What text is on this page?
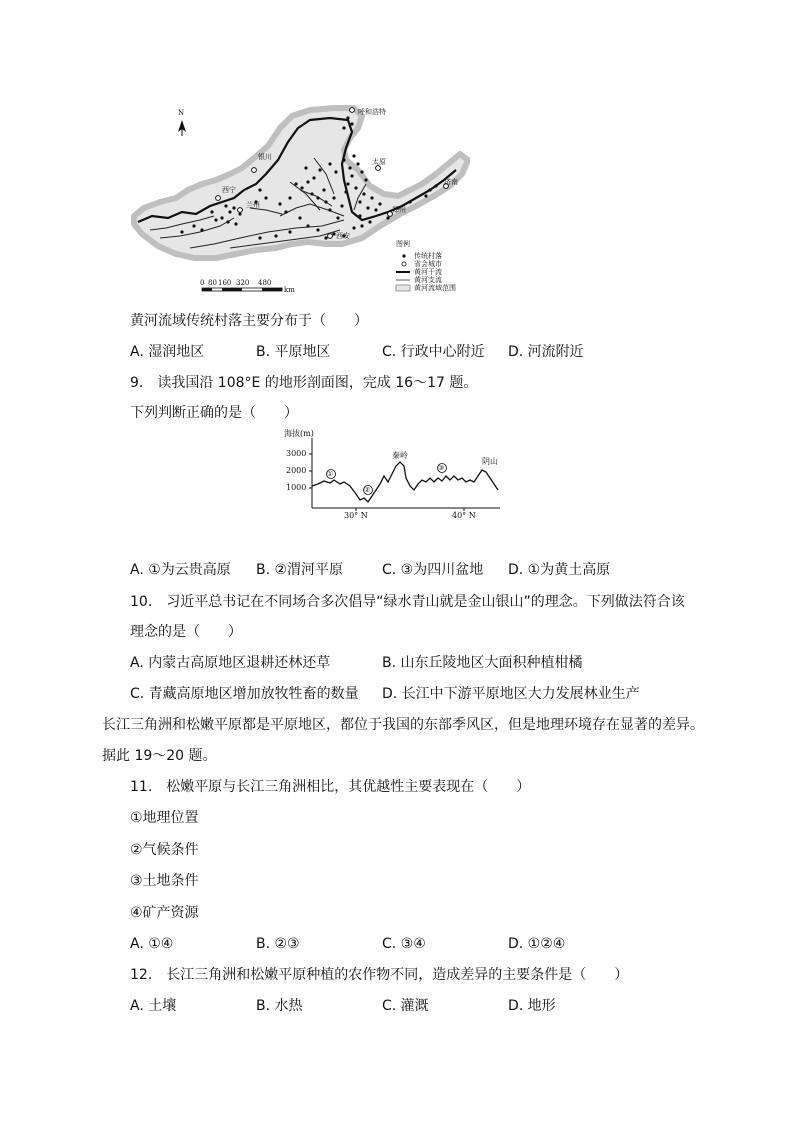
N	呼和浩特
银川
太原
济南
西宁
兰州
西安
郑州
图例
传统村落
省会城市
黄河干流
黄河支流
黄河流域范围
0 80 160 320 480
km
黄河流域传统村落主要分布于（　　）
A. 湿润地区	B. 平原地区	C. 行政中心附近 D. 河流附近
9.　读我国沿 108°E 的地形剖面图，完成 16～17 题。
下列判断正确的是（　　）
海拔(m)
3000
2000
1000
30° N	40° N
秦岭
阴山
①
②
③
A. ①为云贵高原 B. ②渭河平原	C. ③为四川盆地 D. ①为黄土高原
10.　习近平总书记在不同场合多次倡导“绿水青山就是金山银山”的理念。下列做法符合该
理念的是（　　）
A. 内蒙古高原地区退耕还林还草	B. 山东丘陵地区大面积种植柑橘
C. 青藏高原地区增加放牧牲畜的数量 D. 长江中下游平原地区大力发展林业生产
长江三角洲和松嫩平原都是平原地区，都位于我国的东部季风区，但是地理环境存在显著的差异。
据此 19～20 题。
11.　松嫩平原与长江三角洲相比，其优越性主要表现在（　　）
①地理位置
②气候条件
③土地条件
④矿产资源
A. ①④	B. ②③	C. ③④	D. ①②④
12.　长江三角洲和松嫩平原种植的农作物不同，造成差异的主要条件是（　　）
A. 土壤	B. 水热	C. 灌溉	D. 地形
